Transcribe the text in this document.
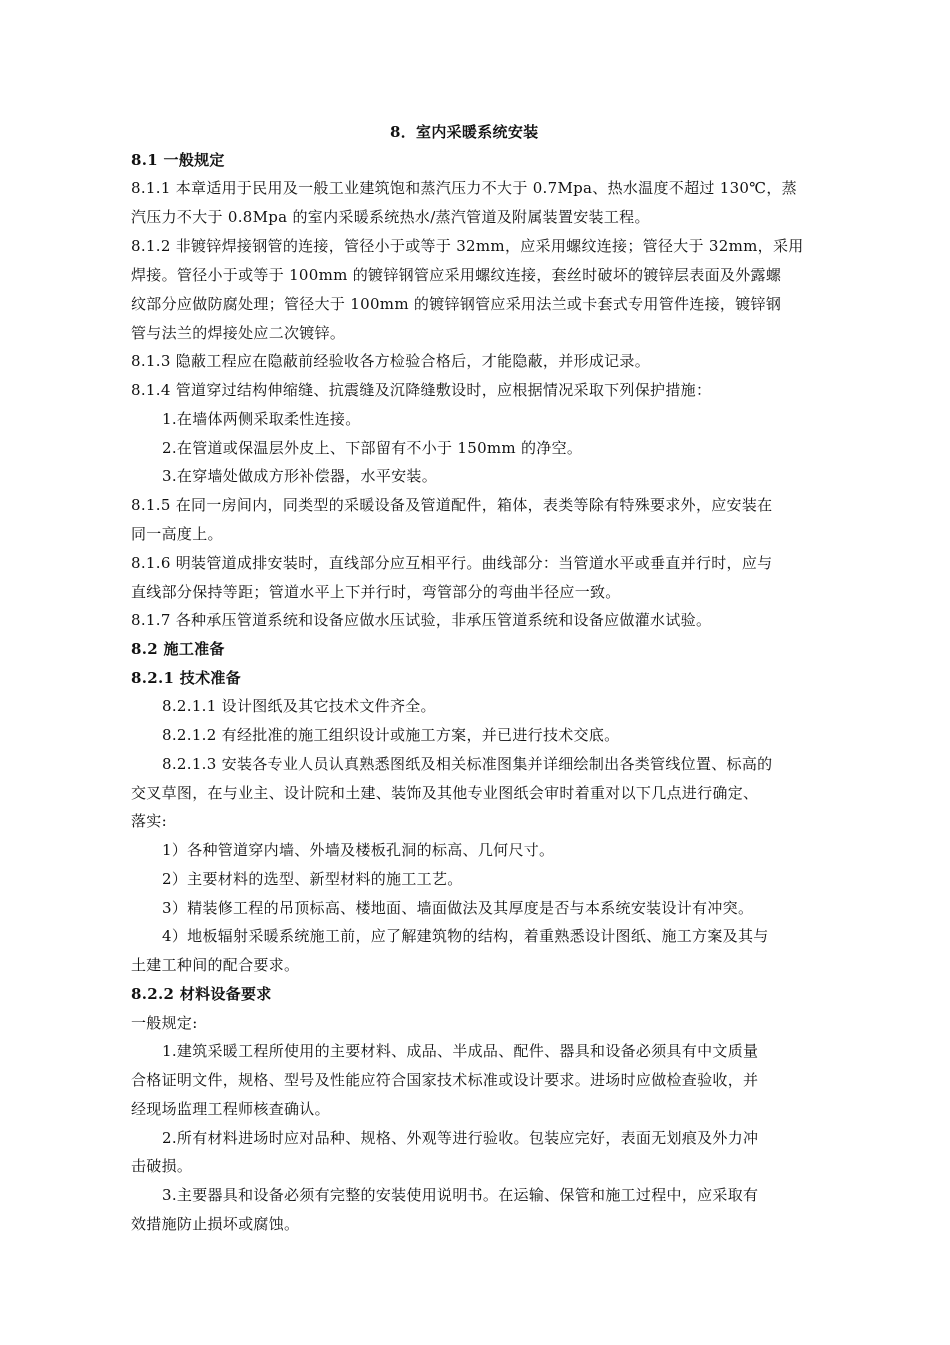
8．室内采暖系统安装
8.1 一般规定
8.1.1 本章适用于民用及一般工业建筑饱和蒸汽压力不大于 0.7Mpa、热水温度不超过 130℃，蒸
汽压力不大于 0.8Mpa 的室内采暖系统热水/蒸汽管道及附属装置安装工程。
8.1.2 非镀锌焊接钢管的连接，管径小于或等于 32mm，应采用螺纹连接；管径大于 32mm，采用
焊接。管径小于或等于 100mm 的镀锌钢管应采用螺纹连接，套丝时破坏的镀锌层表面及外露螺
纹部分应做防腐处理；管径大于 100mm 的镀锌钢管应采用法兰或卡套式专用管件连接，镀锌钢
管与法兰的焊接处应二次镀锌。
8.1.3 隐蔽工程应在隐蔽前经验收各方检验合格后，才能隐蔽，并形成记录。
8.1.4 管道穿过结构伸缩缝、抗震缝及沉降缝敷设时，应根据情况采取下列保护措施：
1.在墙体两侧采取柔性连接。
2.在管道或保温层外皮上、下部留有不小于 150mm 的净空。
3.在穿墙处做成方形补偿器，水平安装。
8.1.5 在同一房间内，同类型的采暖设备及管道配件，箱体，表类等除有特殊要求外，应安装在
同一高度上。
8.1.6 明装管道成排安装时，直线部分应互相平行。曲线部分：当管道水平或垂直并行时，应与
直线部分保持等距；管道水平上下并行时，弯管部分的弯曲半径应一致。
8.1.7 各种承压管道系统和设备应做水压试验，非承压管道系统和设备应做灌水试验。
8.2 施工准备
8.2.1 技术准备
8.2.1.1 设计图纸及其它技术文件齐全。
8.2.1.2 有经批准的施工组织设计或施工方案，并已进行技术交底。
8.2.1.3 安装各专业人员认真熟悉图纸及相关标准图集并详细绘制出各类管线位置、标高的
交叉草图，在与业主、设计院和土建、装饰及其他专业图纸会审时着重对以下几点进行确定、
落实:
1）各种管道穿内墙、外墙及楼板孔洞的标高、几何尺寸。
2）主要材料的选型、新型材料的施工工艺。
3）精装修工程的吊顶标高、楼地面、墙面做法及其厚度是否与本系统安装设计有冲突。
4）地板辐射采暖系统施工前，应了解建筑物的结构，着重熟悉设计图纸、施工方案及其与
土建工种间的配合要求。
8.2.2 材料设备要求
一般规定:
1.建筑采暖工程所使用的主要材料、成品、半成品、配件、器具和设备必须具有中文质量
合格证明文件，规格、型号及性能应符合国家技术标准或设计要求。进场时应做检查验收，并
经现场监理工程师核查确认。
2.所有材料进场时应对品种、规格、外观等进行验收。包装应完好，表面无划痕及外力冲
击破损。
3.主要器具和设备必须有完整的安装使用说明书。在运输、保管和施工过程中，应采取有
效措施防止损坏或腐蚀。
